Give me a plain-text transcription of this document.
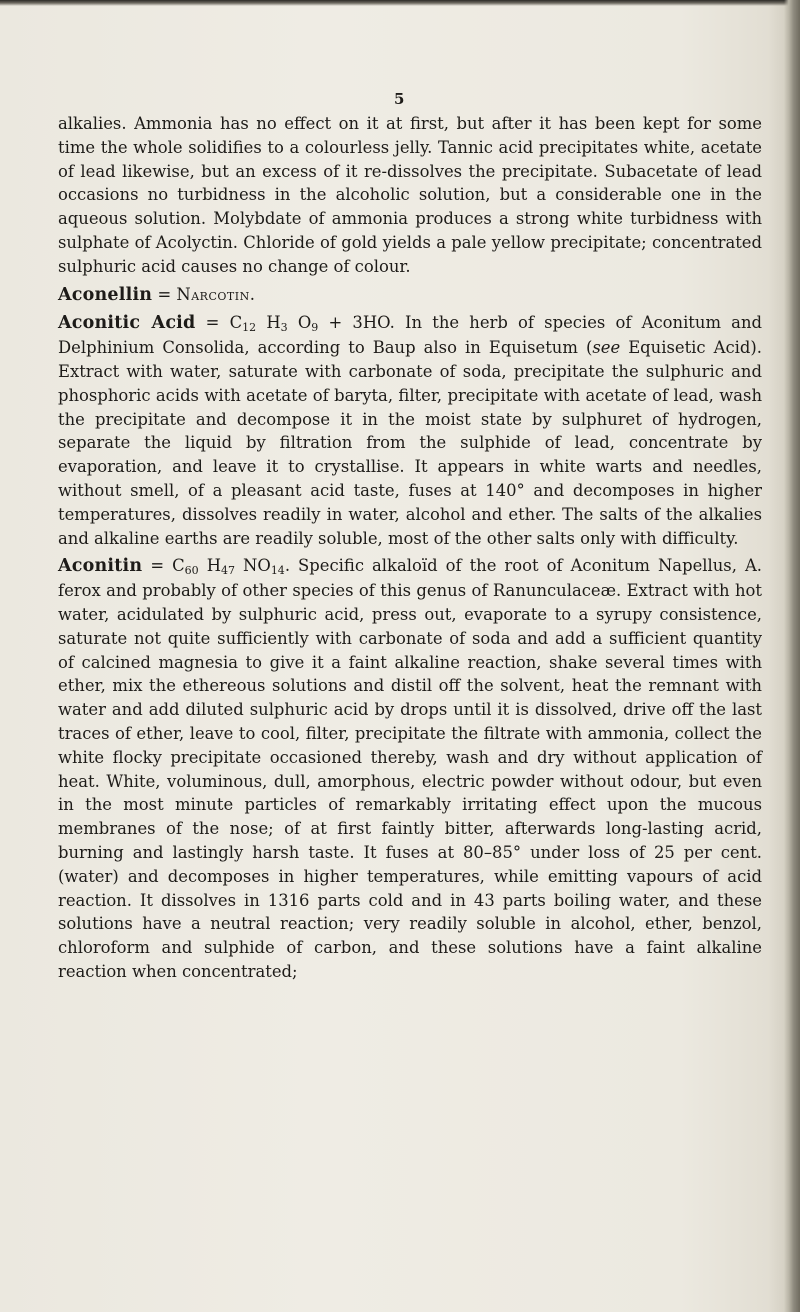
5

alkalies. Ammonia has no effect on it at first, but after it has been kept for some time the whole solidifies to a colourless jelly. Tannic acid precipitates white, acetate of lead likewise, but an excess of it re-dissolves the precipitate. Subacetate of lead occasions no turbidness in the alcoholic solution, but a considerable one in the aqueous solution. Molybdate of ammonia produces a strong white turbidness with sulphate of Acolyctin. Chloride of gold yields a pale yellow precipitate; concentrated sulphuric acid causes no change of colour.

Aconellin = Narcotin.

Aconitic Acid = $C_{12}$ $H_3$ $O_9 + 3HO$. In the herb of species of Aconitum and Delphinium Consolida, according to Baup also in Equisetum (see Equisetic Acid). Extract with water, saturate with carbonate of soda, precipitate the sulphuric and phosphoric acids with acetate of baryta, filter, precipitate with acetate of lead, wash the precipitate and decompose it in the moist state by sulphuret of hydrogen, separate the liquid by filtration from the sulphide of lead, concentrate by evaporation, and leave it to crystallise. It appears in white warts and needles, without smell, of a pleasant acid taste, fuses at 140° and decomposes in higher temperatures, dissolves readily in water, alcohol and ether. The salts of the alkalies and alkaline earths are readily soluble, most of the other salts only with difficulty.

Aconitin = $C_{60}$ $H_{47}$ $NO_{14}$. Specific alkaloïd of the root of Aconitum Napellus, A. ferox and probably of other species of this genus of Ranunculaceæ. Extract with hot water, acidulated by sulphuric acid, press out, evaporate to a syrupy consistence, saturate not quite sufficiently with carbonate of soda and add a sufficient quantity of calcined magnesia to give it a faint alkaline reaction, shake several times with ether, mix the ethereous solutions and distil off the solvent, heat the remnant with water and add diluted sulphuric acid by drops until it is dissolved, drive off the last traces of ether, leave to cool, filter, precipitate the filtrate with ammonia, collect the white flocky precipitate occasioned thereby, wash and dry without application of heat. White, voluminous, dull, amorphous, electric powder without odour, but even in the most minute particles of remarkably irritating effect upon the mucous membranes of the nose; of at first faintly bitter, afterwards long-lasting acrid, burning and lastingly harsh taste. It fuses at 80–85° under loss of 25 per cent. (water) and decomposes in higher temperatures, while emitting vapours of acid reaction. It dissolves in 1316 parts cold and in 43 parts boiling water, and these solutions have a neutral reaction; very readily soluble in alcohol, ether, benzol, chloroform and sulphide of carbon, and these solutions have a faint alkaline reaction when concentrated;
